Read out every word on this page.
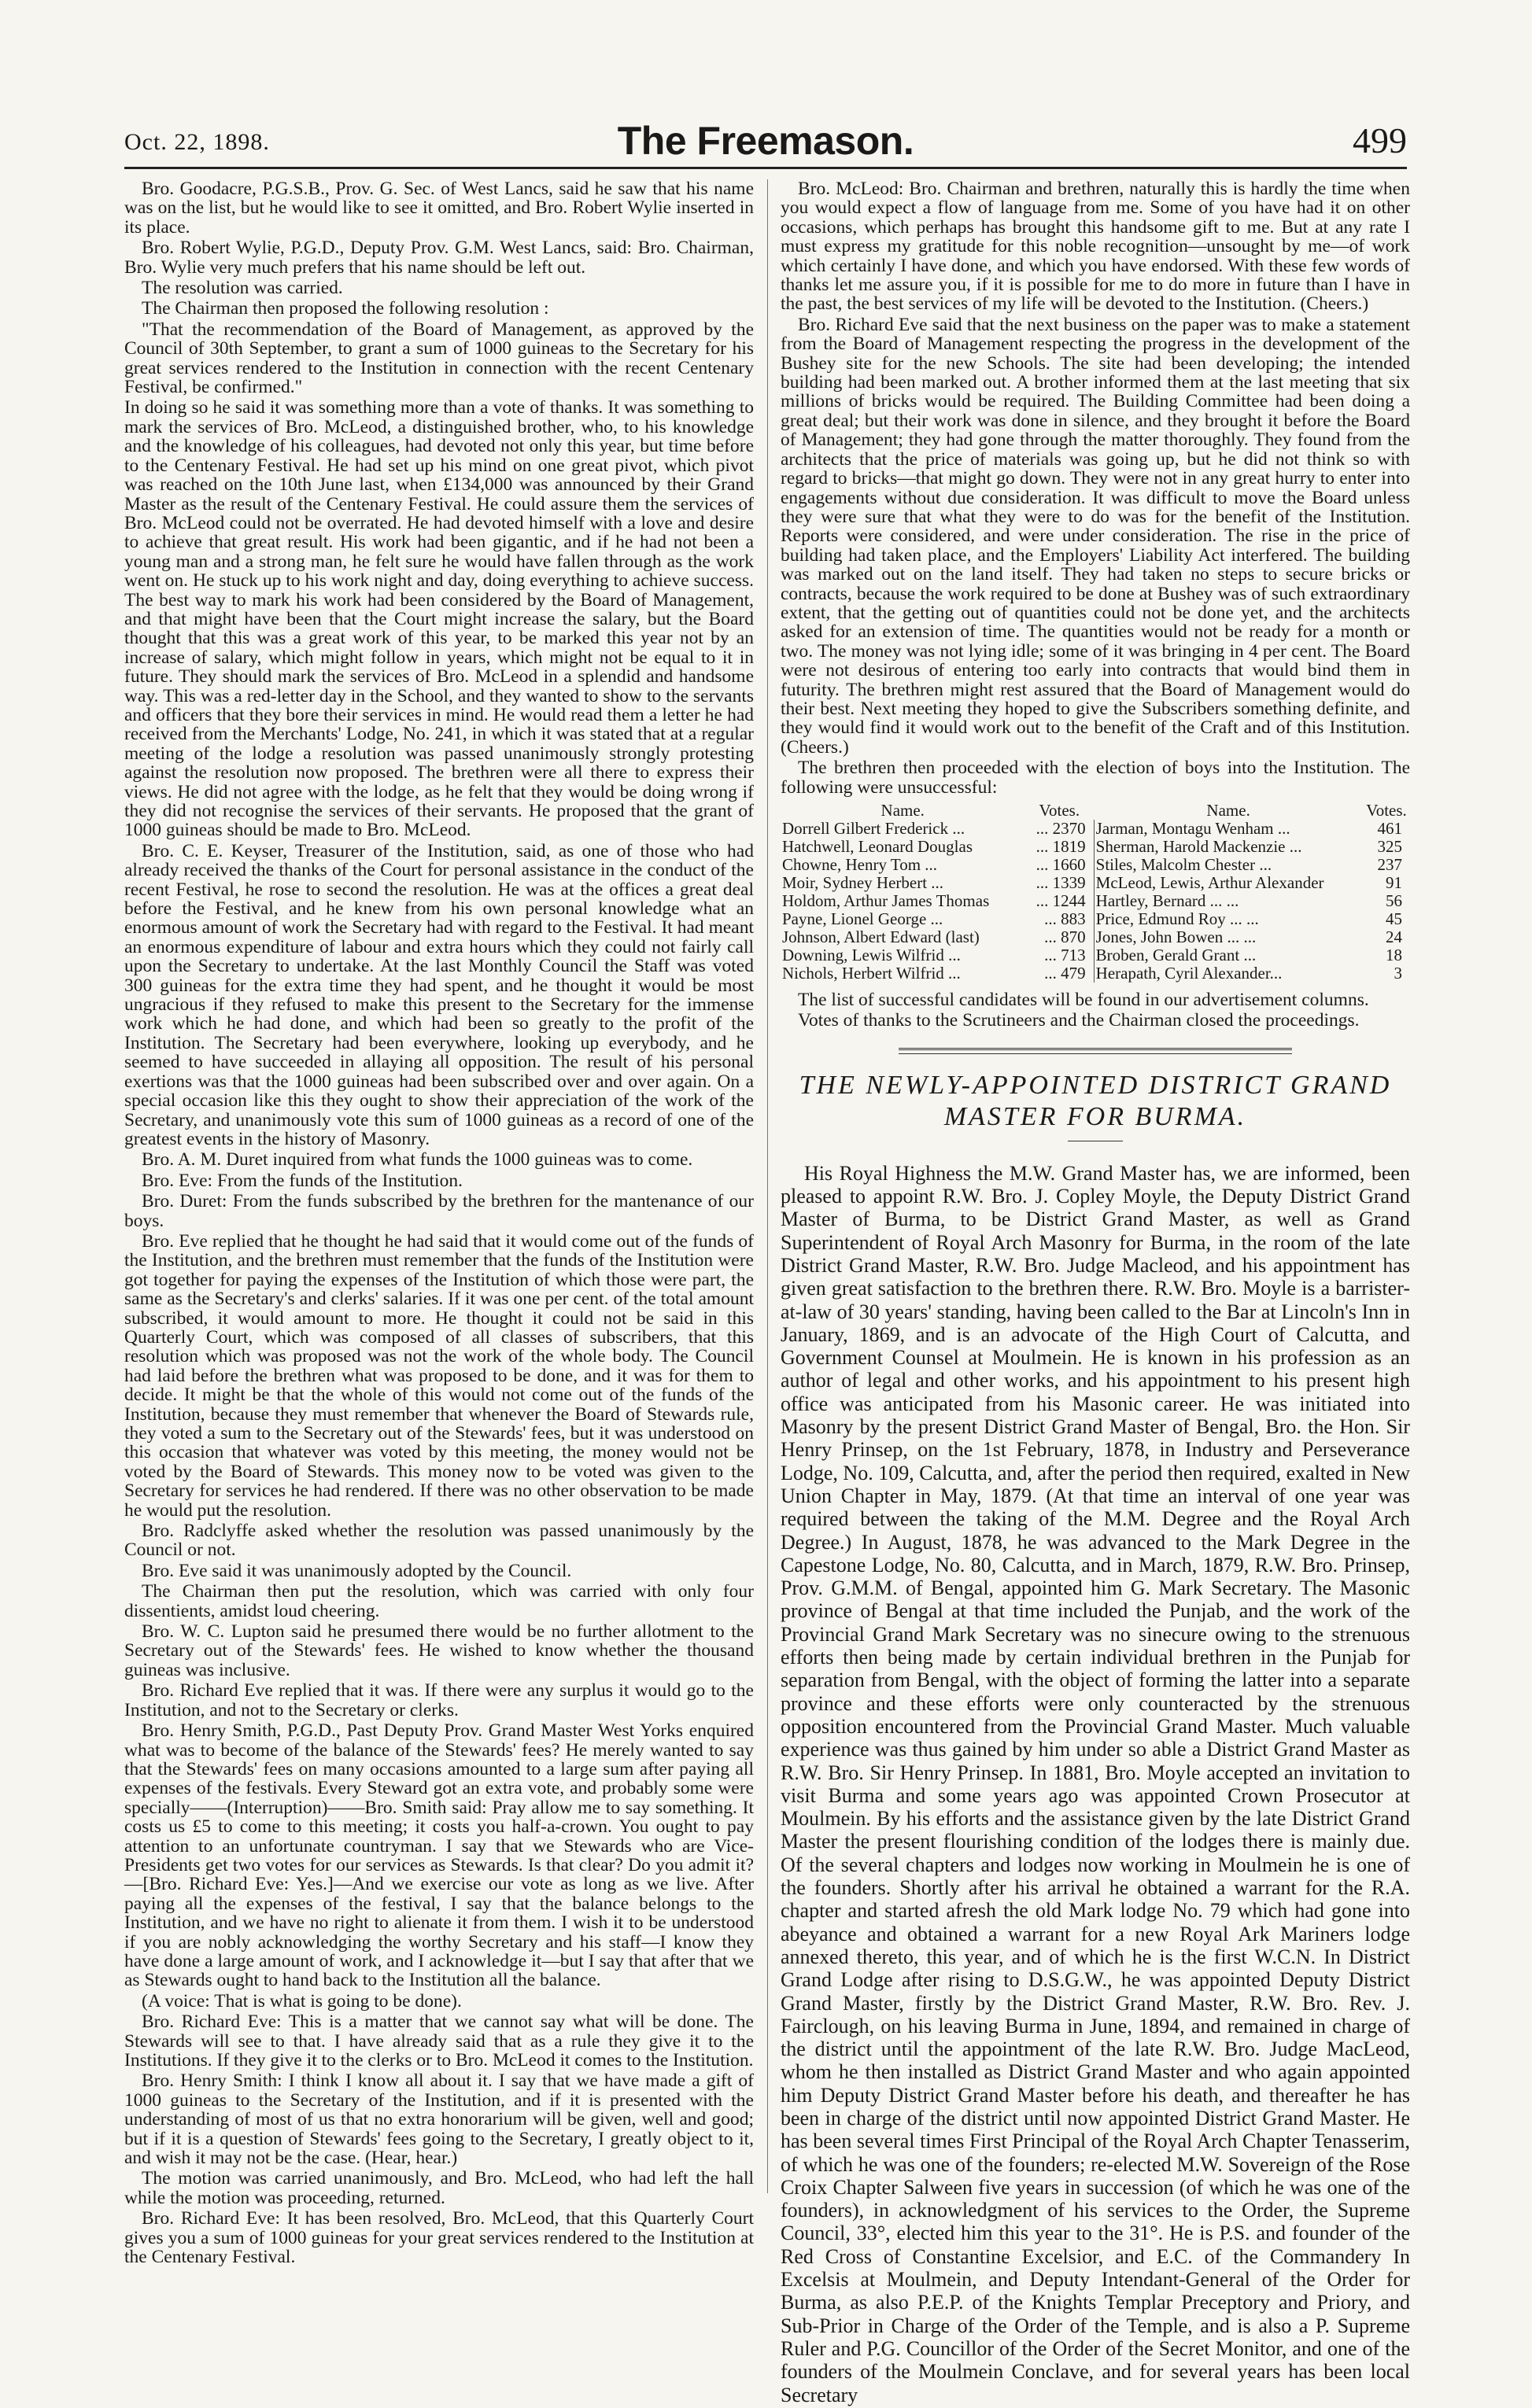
Oct. 22, 1898.	The Freemason.	499

Bro. Goodacre, P.G.S.B., Prov. G. Sec. of West Lancs, said he saw that his name was on the list, but he would like to see it omitted, and Bro. Robert Wylie inserted in its place.

Bro. Robert Wylie, P.G.D., Deputy Prov. G.M. West Lancs, said: Bro. Chairman, Bro. Wylie very much prefers that his name should be left out.

The resolution was carried.

The Chairman then proposed the following resolution :

"That the recommendation of the Board of Management, as approved by the Council of 30th September, to grant a sum of 1000 guineas to the Secretary for his great services rendered to the Institution in connection with the recent Centenary Festival, be confirmed."

In doing so he said it was something more than a vote of thanks. It was something to mark the services of Bro. McLeod, a distinguished brother, who, to his knowledge and the knowledge of his colleagues, had devoted not only this year, but time before to the Centenary Festival. He had set up his mind on one great pivot, which pivot was reached on the 10th June last, when £134,000 was announced by their Grand Master as the result of the Centenary Festival. He could assure them the services of Bro. McLeod could not be overrated. He had devoted himself with a love and desire to achieve that great result. His work had been gigantic, and if he had not been a young man and a strong man, he felt sure he would have fallen through as the work went on. He stuck up to his work night and day, doing everything to achieve success. The best way to mark his work had been considered by the Board of Management, and that might have been that the Court might increase the salary, but the Board thought that this was a great work of this year, to be marked this year not by an increase of salary, which might follow in years, which might not be equal to it in future. They should mark the services of Bro. McLeod in a splendid and handsome way. This was a red-letter day in the School, and they wanted to show to the servants and officers that they bore their services in mind. He would read them a letter he had received from the Merchants' Lodge, No. 241, in which it was stated that at a regular meeting of the lodge a resolution was passed unanimously strongly protesting against the resolution now proposed. The brethren were all there to express their views. He did not agree with the lodge, as he felt that they would be doing wrong if they did not recognise the services of their servants. He proposed that the grant of 1000 guineas should be made to Bro. McLeod.

Bro. C. E. Keyser, Treasurer of the Institution, said, as one of those who had already received the thanks of the Court for personal assistance in the conduct of the recent Festival, he rose to second the resolution. He was at the offices a great deal before the Festival, and he knew from his own personal knowledge what an enormous amount of work the Secretary had with regard to the Festival. It had meant an enormous expenditure of labour and extra hours which they could not fairly call upon the Secretary to undertake. At the last Monthly Council the Staff was voted 300 guineas for the extra time they had spent, and he thought it would be most ungracious if they refused to make this present to the Secretary for the immense work which he had done, and which had been so greatly to the profit of the Institution. The Secretary had been everywhere, looking up everybody, and he seemed to have succeeded in allaying all opposition. The result of his personal exertions was that the 1000 guineas had been subscribed over and over again. On a special occasion like this they ought to show their appreciation of the work of the Secretary, and unanimously vote this sum of 1000 guineas as a record of one of the greatest events in the history of Masonry.

Bro. A. M. Duret inquired from what funds the 1000 guineas was to come.

Bro. Eve: From the funds of the Institution.

Bro. Duret: From the funds subscribed by the brethren for the mantenance of our boys.

Bro. Eve replied that he thought he had said that it would come out of the funds of the Institution, and the brethren must remember that the funds of the Institution were got together for paying the expenses of the Institution of which those were part, the same as the Secretary's and clerks' salaries. If it was one per cent. of the total amount subscribed, it would amount to more. He thought it could not be said in this Quarterly Court, which was composed of all classes of subscribers, that this resolution which was proposed was not the work of the whole body. The Council had laid before the brethren what was proposed to be done, and it was for them to decide. It might be that the whole of this would not come out of the funds of the Institution, because they must remember that whenever the Board of Stewards rule, they voted a sum to the Secretary out of the Stewards' fees, but it was understood on this occasion that whatever was voted by this meeting, the money would not be voted by the Board of Stewards. This money now to be voted was given to the Secretary for services he had rendered. If there was no other observation to be made he would put the resolution.

Bro. Radclyffe asked whether the resolution was passed unanimously by the Council or not.

Bro. Eve said it was unanimously adopted by the Council.

The Chairman then put the resolution, which was carried with only four dissentients, amidst loud cheering.

Bro. W. C. Lupton said he presumed there would be no further allotment to the Secretary out of the Stewards' fees. He wished to know whether the thousand guineas was inclusive.

Bro. Richard Eve replied that it was. If there were any surplus it would go to the Institution, and not to the Secretary or clerks.

Bro. Henry Smith, P.G.D., Past Deputy Prov. Grand Master West Yorks enquired what was to become of the balance of the Stewards' fees? He merely wanted to say that the Stewards' fees on many occasions amounted to a large sum after paying all expenses of the festivals. Every Steward got an extra vote, and probably some were specially——(Interruption)——Bro. Smith said: Pray allow me to say something. It costs us £5 to come to this meeting; it costs you half-a-crown. You ought to pay attention to an unfortunate countryman. I say that we Stewards who are Vice-Presidents get two votes for our services as Stewards. Is that clear? Do you admit it?—[Bro. Richard Eve: Yes.]—And we exercise our vote as long as we live. After paying all the expenses of the festival, I say that the balance belongs to the Institution, and we have no right to alienate it from them. I wish it to be understood if you are nobly acknowledging the worthy Secretary and his staff—I know they have done a large amount of work, and I acknowledge it—but I say that after that we as Stewards ought to hand back to the Institution all the balance.

(A voice: That is what is going to be done).

Bro. Richard Eve: This is a matter that we cannot say what will be done. The Stewards will see to that. I have already said that as a rule they give it to the Institutions. If they give it to the clerks or to Bro. McLeod it comes to the Institution.

Bro. Henry Smith: I think I know all about it. I say that we have made a gift of 1000 guineas to the Secretary of the Institution, and if it is presented with the understanding of most of us that no extra honorarium will be given, well and good; but if it is a question of Stewards' fees going to the Secretary, I greatly object to it, and wish it may not be the case. (Hear, hear.)

The motion was carried unanimously, and Bro. McLeod, who had left the hall while the motion was proceeding, returned.

Bro. Richard Eve: It has been resolved, Bro. McLeod, that this Quarterly Court gives you a sum of 1000 guineas for your great services rendered to the Institution at the Centenary Festival.

Bro. McLeod: Bro. Chairman and brethren, naturally this is hardly the time when you would expect a flow of language from me. Some of you have had it on other occasions, which perhaps has brought this handsome gift to me. But at any rate I must express my gratitude for this noble recognition—unsought by me—of work which certainly I have done, and which you have endorsed. With these few words of thanks let me assure you, if it is possible for me to do more in future than I have in the past, the best services of my life will be devoted to the Institution. (Cheers.)

Bro. Richard Eve said that the next business on the paper was to make a statement from the Board of Management respecting the progress in the development of the Bushey site for the new Schools. The site had been developing; the intended building had been marked out. A brother informed them at the last meeting that six millions of bricks would be required. The Building Committee had been doing a great deal; but their work was done in silence, and they brought it before the Board of Management; they had gone through the matter thoroughly. They found from the architects that the price of materials was going up, but he did not think so with regard to bricks—that might go down. They were not in any great hurry to enter into engagements without due consideration. It was difficult to move the Board unless they were sure that what they were to do was for the benefit of the Institution. Reports were considered, and were under consideration. The rise in the price of building had taken place, and the Employers' Liability Act interfered. The building was marked out on the land itself. They had taken no steps to secure bricks or contracts, because the work required to be done at Bushey was of such extraordinary extent, that the getting out of quantities could not be done yet, and the architects asked for an extension of time. The quantities would not be ready for a month or two. The money was not lying idle; some of it was bringing in 4 per cent. The Board were not desirous of entering too early into contracts that would bind them in futurity. The brethren might rest assured that the Board of Management would do their best. Next meeting they hoped to give the Subscribers something definite, and they would find it would work out to the benefit of the Craft and of this Institution. (Cheers.)

The brethren then proceeded with the election of boys into the Institution. The following were unsuccessful:

Name.	Votes.	Name.	Votes.
Dorrell Gilbert Frederick ...	... 2370	Jarman, Montagu Wenham ...	461
Hatchwell, Leonard Douglas	... 1819	Sherman, Harold Mackenzie ...	325
Chowne, Henry Tom ...	... 1660	Stiles, Malcolm Chester ...	237
Moir, Sydney Herbert ...	... 1339	McLeod, Lewis, Arthur Alexander	91
Holdom, Arthur James Thomas	... 1244	Hartley, Bernard ... ...	56
Payne, Lionel George ...	... 883	Price, Edmund Roy ... ...	45
Johnson, Albert Edward (last)	... 870	Jones, John Bowen ... ...	24
Downing, Lewis Wilfrid ...	... 713	Broben, Gerald Grant ...	18
Nichols, Herbert Wilfrid ...	... 479	Herapath, Cyril Alexander...	3

The list of successful candidates will be found in our advertisement columns.

Votes of thanks to the Scrutineers and the Chairman closed the proceedings.

THE NEWLY-APPOINTED DISTRICT GRAND
MASTER FOR BURMA.

His Royal Highness the M.W. Grand Master has, we are informed, been pleased to appoint R.W. Bro. J. Copley Moyle, the Deputy District Grand Master of Burma, to be District Grand Master, as well as Grand Superintendent of Royal Arch Masonry for Burma, in the room of the late District Grand Master, R.W. Bro. Judge Macleod, and his appointment has given great satisfaction to the brethren there. R.W. Bro. Moyle is a barrister-at-law of 30 years' standing, having been called to the Bar at Lincoln's Inn in January, 1869, and is an advocate of the High Court of Calcutta, and Government Counsel at Moulmein. He is known in his profession as an author of legal and other works, and his appointment to his present high office was anticipated from his Masonic career. He was initiated into Masonry by the present District Grand Master of Bengal, Bro. the Hon. Sir Henry Prinsep, on the 1st February, 1878, in Industry and Perseverance Lodge, No. 109, Calcutta, and, after the period then required, exalted in New Union Chapter in May, 1879. (At that time an interval of one year was required between the taking of the M.M. Degree and the Royal Arch Degree.) In August, 1878, he was advanced to the Mark Degree in the Capestone Lodge, No. 80, Calcutta, and in March, 1879, R.W. Bro. Prinsep, Prov. G.M.M. of Bengal, appointed him G. Mark Secretary. The Masonic province of Bengal at that time included the Punjab, and the work of the Provincial Grand Mark Secretary was no sinecure owing to the strenuous efforts then being made by certain individual brethren in the Punjab for separation from Bengal, with the object of forming the latter into a separate province and these efforts were only counteracted by the strenuous opposition encountered from the Provincial Grand Master. Much valuable experience was thus gained by him under so able a District Grand Master as R.W. Bro. Sir Henry Prinsep. In 1881, Bro. Moyle accepted an invitation to visit Burma and some years ago was appointed Crown Prosecutor at Moulmein. By his efforts and the assistance given by the late District Grand Master the present flourishing condition of the lodges there is mainly due. Of the several chapters and lodges now working in Moulmein he is one of the founders. Shortly after his arrival he obtained a warrant for the R.A. chapter and started afresh the old Mark lodge No. 79 which had gone into abeyance and obtained a warrant for a new Royal Ark Mariners lodge annexed thereto, this year, and of which he is the first W.C.N. In District Grand Lodge after rising to D.S.G.W., he was appointed Deputy District Grand Master, firstly by the District Grand Master, R.W. Bro. Rev. J. Fairclough, on his leaving Burma in June, 1894, and remained in charge of the district until the appointment of the late R.W. Bro. Judge MacLeod, whom he then installed as District Grand Master and who again appointed him Deputy District Grand Master before his death, and thereafter he has been in charge of the district until now appointed District Grand Master. He has been several times First Principal of the Royal Arch Chapter Tenasserim, of which he was one of the founders; re-elected M.W. Sovereign of the Rose Croix Chapter Salween five years in succession (of which he was one of the founders), in acknowledgment of his services to the Order, the Supreme Council, 33°, elected him this year to the 31°. He is P.S. and founder of the Red Cross of Constantine Excelsior, and E.C. of the Commandery In Excelsis at Moulmein, and Deputy Intendant-General of the Order for Burma, as also P.E.P. of the Knights Templar Preceptory and Priory, and Sub-Prior in Charge of the Order of the Temple, and is also a P. Supreme Ruler and P.G. Councillor of the Order of the Secret Monitor, and one of the founders of the Moulmein Conclave, and for several years has been local Secretary
